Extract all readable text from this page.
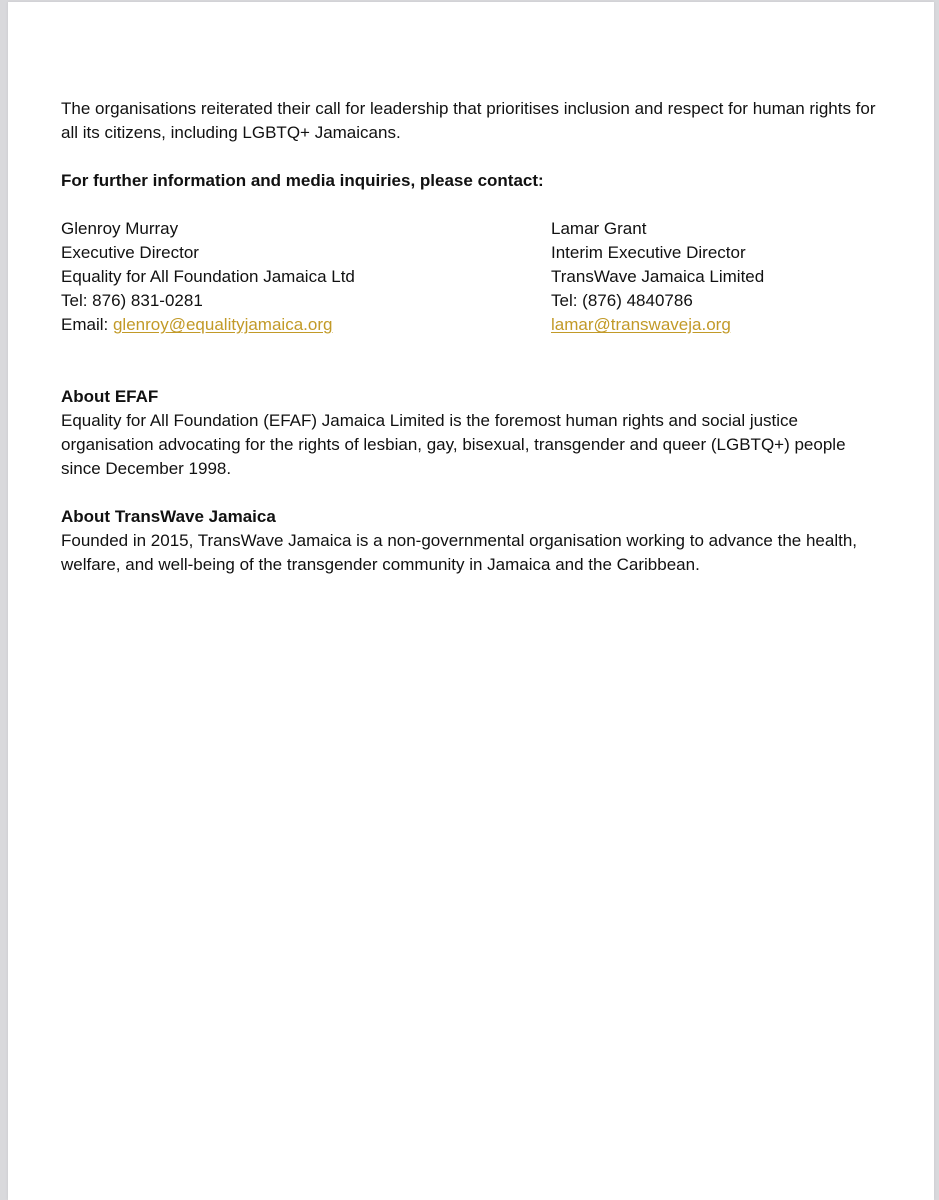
The organisations reiterated their call for leadership that prioritises inclusion and respect for human rights for all its citizens, including LGBTQ+ Jamaicans.

For further information and media inquiries, please contact:

Glenroy Murray
Executive Director
Equality for All Foundation Jamaica Ltd
Tel: 876) 831-0281
Email: glenroy@equalityjamaica.org
Lamar Grant
Interim Executive Director
TransWave Jamaica Limited
Tel: (876) 4840786
lamar@transwaveja.org

About EFAF

Equality for All Foundation (EFAF) Jamaica Limited is the foremost human rights and social justice organisation advocating for the rights of lesbian, gay, bisexual, transgender and queer (LGBTQ+) people since December 1998.

About TransWave Jamaica

Founded in 2015, TransWave Jamaica is a non-governmental organisation working to advance the health, welfare, and well-being of the transgender community in Jamaica and the Caribbean.
